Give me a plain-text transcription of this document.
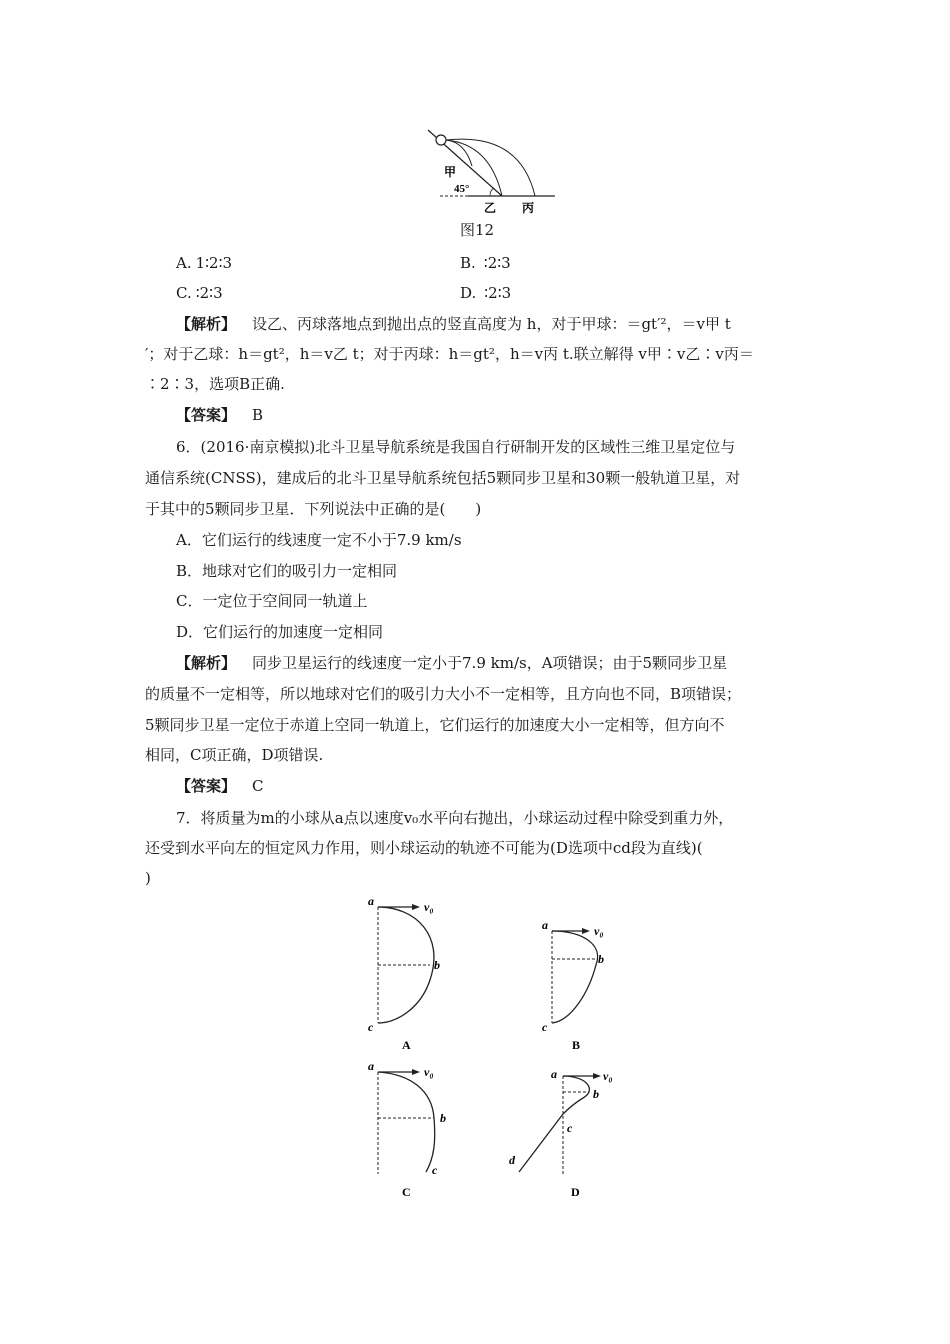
甲
45°
乙 丙
图12
A. 1∶2∶3	B. ∶2∶3
C. ∶2∶3	D. ∶2∶3
【解析】 设乙、丙球落地点到抛出点的竖直高度为 h，对于甲球：＝gt′²，＝v甲 t
′；对于乙球：h＝gt²，h＝v乙 t；对于丙球：h＝gt²，h＝v丙 t.联立解得 v甲∶v乙∶v丙＝
∶2∶3，选项B正确.
【答案】 B
6．(2016·南京模拟)北斗卫星导航系统是我国自行研制开发的区域性三维卫星定位与
通信系统(CNSS)，建成后的北斗卫星导航系统包括5颗同步卫星和30颗一般轨道卫星，对
于其中的5颗同步卫星．下列说法中正确的是(　　)
A．它们运行的线速度一定不小于7.9 km/s
B．地球对它们的吸引力一定相同
C．一定位于空间同一轨道上
D．它们运行的加速度一定相同
【解析】 同步卫星运行的线速度一定小于7.9 km/s，A项错误；由于5颗同步卫星
的质量不一定相等，所以地球对它们的吸引力大小不一定相等，且方向也不同，B项错误；
5颗同步卫星一定位于赤道上空同一轨道上，它们运行的加速度大小一定相等，但方向不
相同，C项正确，D项错误.
【答案】 C
7．将质量为m的小球从a点以速度v₀水平向右抛出，小球运动过程中除受到重力外，
还受到水平向左的恒定风力作用，则小球运动的轨迹不可能为(D选项中cd段为直线)(
)
a	v₀
b
c
A
a	v₀
b
c
B
a	v₀
b
c
C
a	v₀
b
c
d
D
